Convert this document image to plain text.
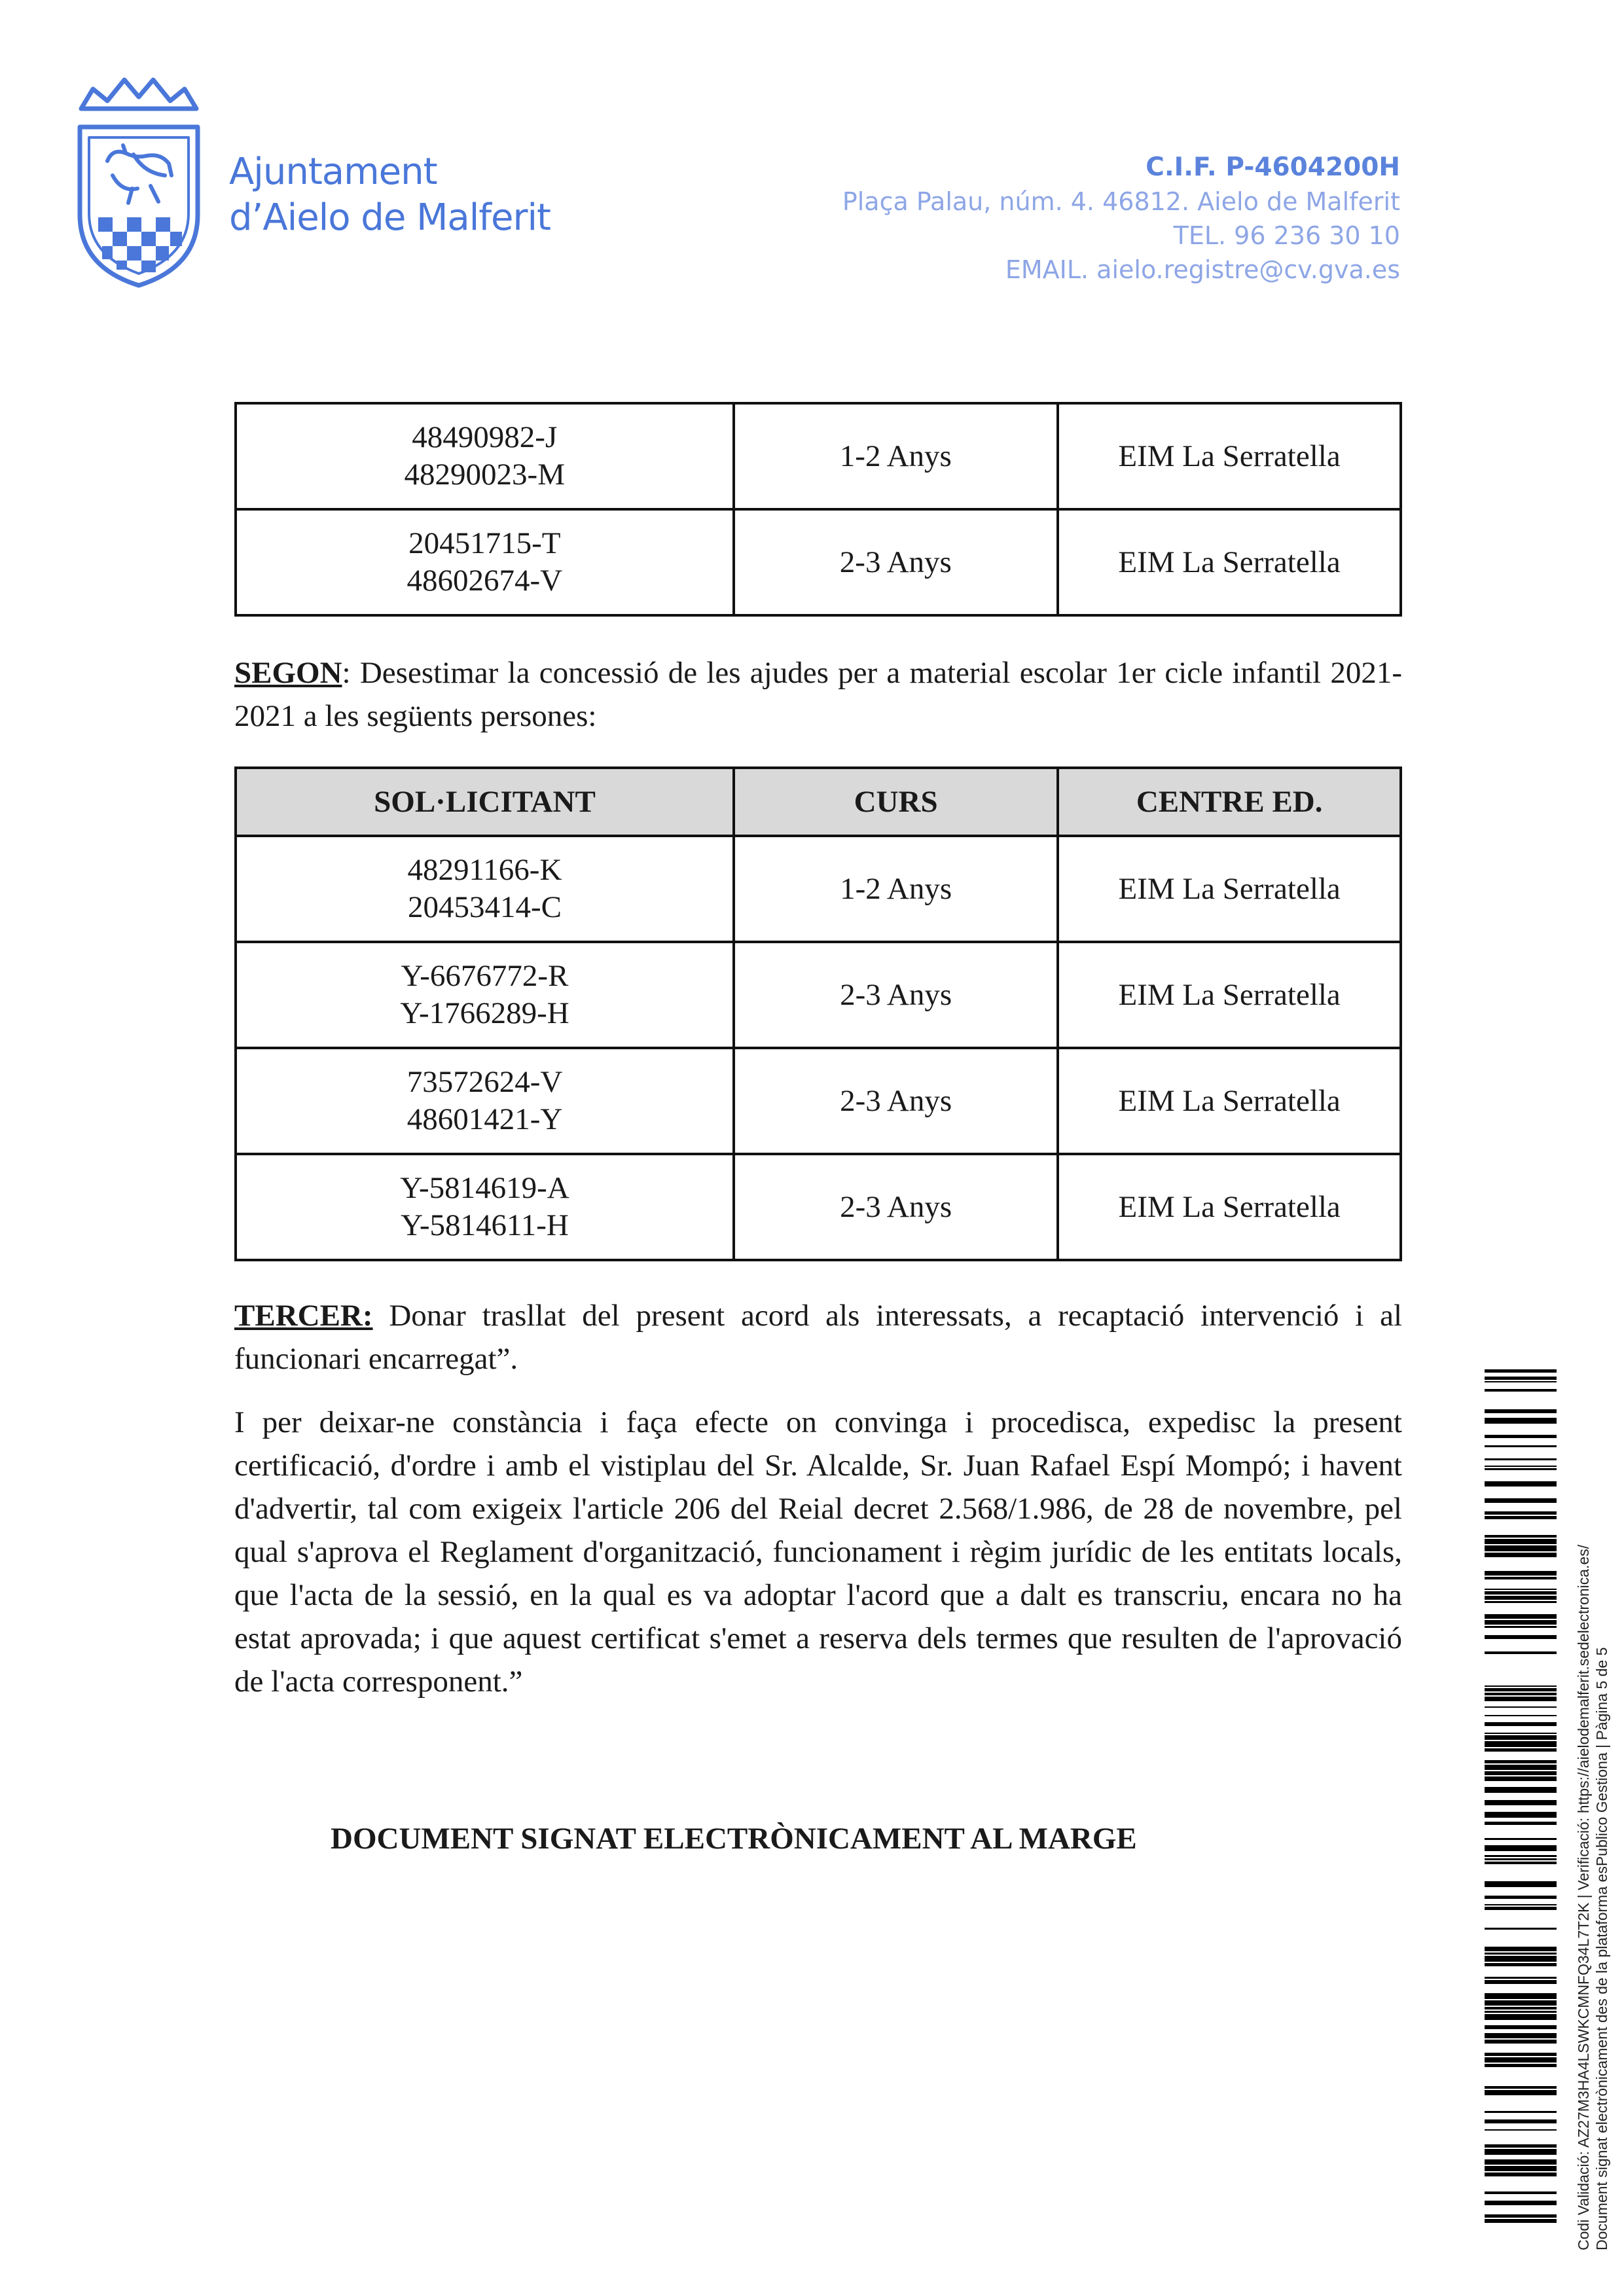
Ajuntament
d’Aielo de Malferit
C.I.F. P-4604200H
Plaça Palau, núm. 4. 46812. Aielo de Malferit
TEL. 96 236 30 10
EMAIL. aielo.registre@cv.gva.es
48490982-J
48290023-M	1-2 Anys	EIM La Serratella

20451715-T
48602674-V	2-3 Anys	EIM La Serratella

SEGON: Desestimar la concessió de les ajudes per a material escolar 1er cicle infantil 2021-2021 a les següents persones:

SOL·LICITANT	CURS	CENTRE ED.

48291166-K
20453414-C	1-2 Anys	EIM La Serratella

Y-6676772-R
Y-1766289-H	2-3 Anys	EIM La Serratella

73572624-V
48601421-Y	2-3 Anys	EIM La Serratella

Y-5814619-A
Y-5814611-H	2-3 Anys	EIM La Serratella

TERCER: Donar trasllat del present acord als interessats, a recaptació intervenció i al funcionari encarregat”.

I per deixar-ne constància i faça efecte on convinga i procedisca, expedisc la present certificació, d'ordre i amb el vistiplau del Sr. Alcalde, Sr. Juan Rafael Espí Mompó; i havent d'advertir, tal com exigeix l'article 206 del Reial decret 2.568/1.986, de 28 de novembre, pel qual s'aprova el Reglament d'organització, funcionament i règim jurídic de les entitats locals, que l'acta de la sessió, en la qual es va adoptar l'acord que a dalt es transcriu, encara no ha estat aprovada; i que aquest certificat s'emet a reserva dels termes que resulten de l'aprovació de l'acta corresponent.”

DOCUMENT SIGNAT ELECTRÒNICAMENT AL MARGE	Codi Validació: AZ27M3HA4LSWKCMNFQ34L7T2K | Verificació: https://aielodemalferit.sedelectronica.es/ Document signat electrònicament des de la plataforma esPublico Gestiona | Pàgina 5 de 5
